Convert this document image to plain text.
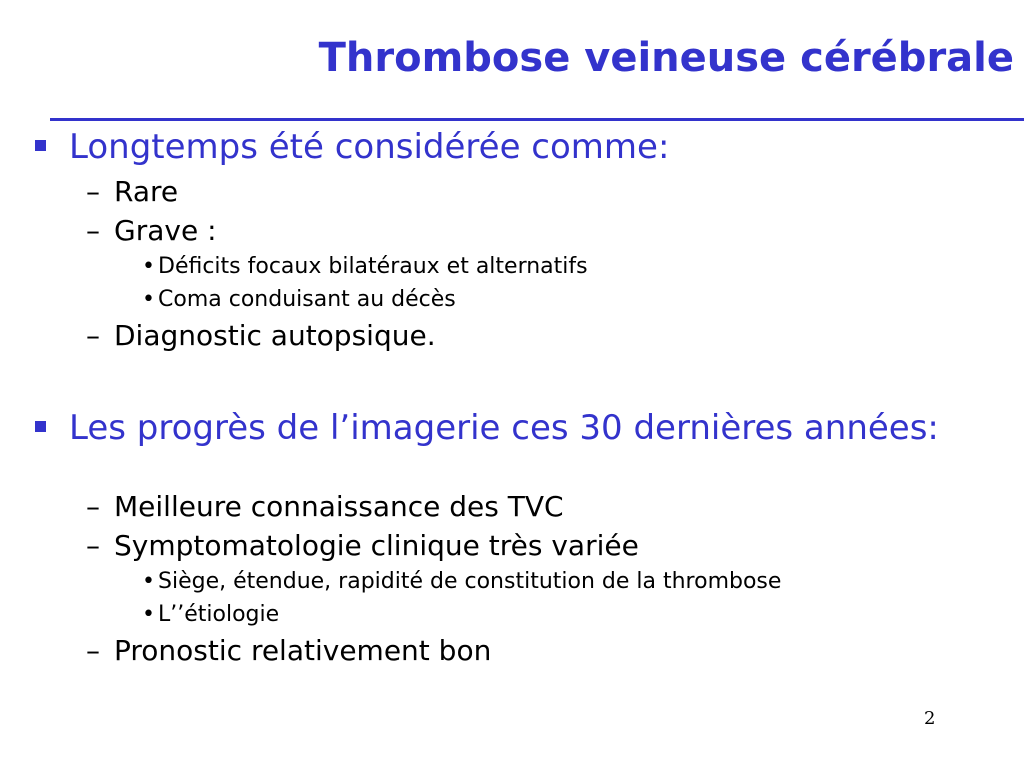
Thrombose veineuse cérébrale
Longtemps été considérée comme:
– Rare
– Grave :
• Déficits focaux bilatéraux et alternatifs
• Coma conduisant au décès
– Diagnostic autopsique.
Les progrès de l’imagerie ces 30 dernières années:
– Meilleure connaissance des TVC
– Symptomatologie clinique très variée
• Siège, étendue, rapidité de constitution de la thrombose
• L’’étiologie
– Pronostic relativement bon
2
